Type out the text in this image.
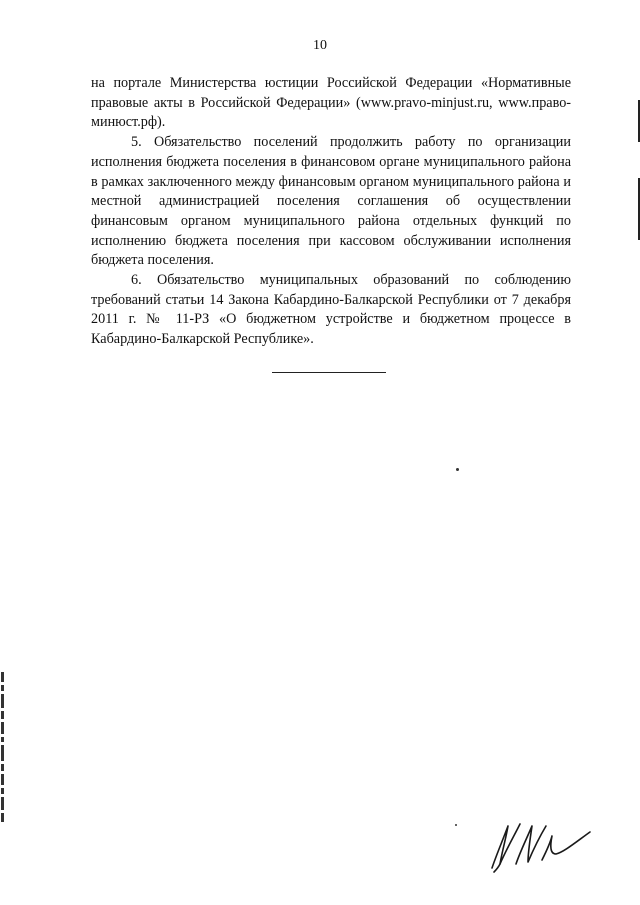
10

на портале Министерства юстиции Российской Федерации «Нормативные правовые акты в Российской Федерации» (www.pravo-minjust.ru, www.право-минюст.рф).

5. Обязательство поселений продолжить работу по организации исполнения бюджета поселения в финансовом органе муниципального района в рамках заключенного между финансовым органом муниципального района и местной администрацией поселения соглашения об осуществлении финансовым органом муниципального района отдельных функций по исполнению бюджета поселения при кассовом обслуживании исполнения бюджета поселения.

6. Обязательство муниципальных образований по соблюдению требований статьи 14 Закона Кабардино-Балкарской Республики от 7 декабря 2011 г. № 11-РЗ «О бюджетном устройстве и бюджетном процессе в Кабардино-Балкарской Республике».
